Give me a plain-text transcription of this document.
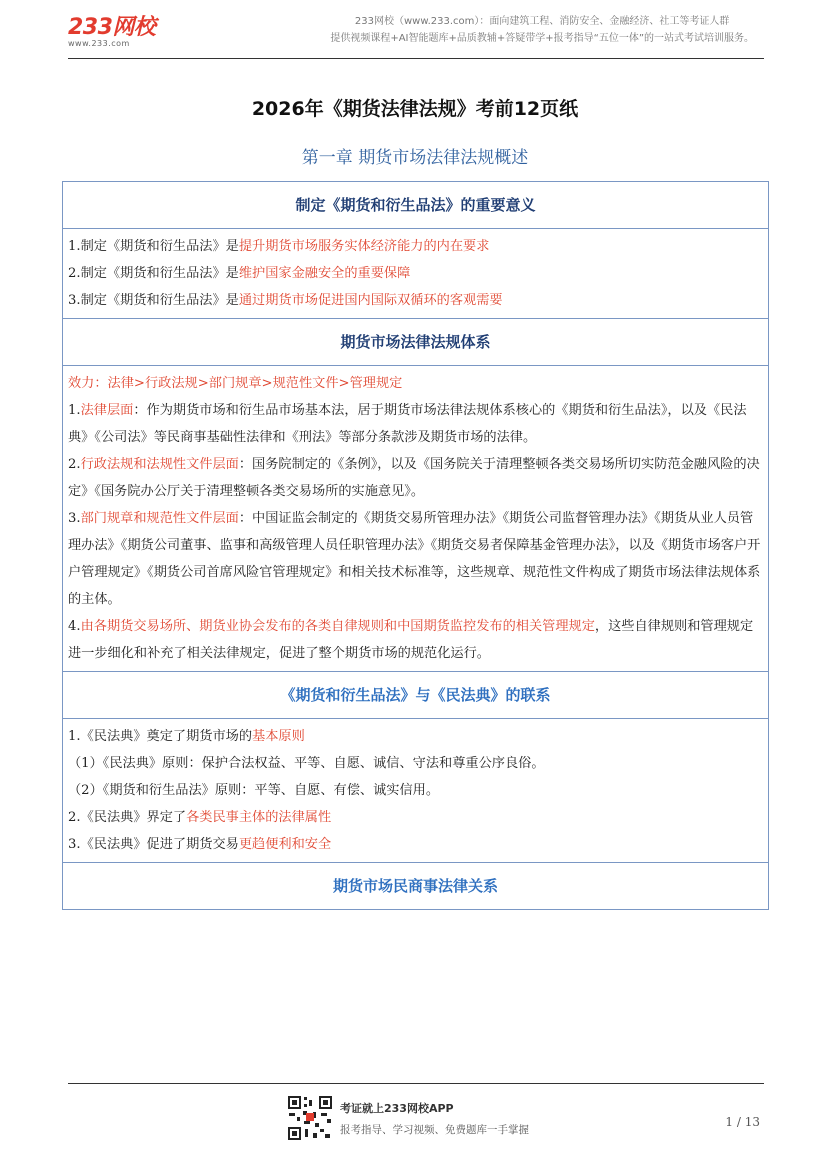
233网校
www.233.com
233网校（www.233.com）：面向建筑工程、消防安全、金融经济、社工等考证人群
提供视频课程+AI智能题库+品质教辅+答疑带学+报考指导“五位一体”的一站式考试培训服务。
2026年《期货法律法规》考前12页纸
第一章 期货市场法律法规概述
制定《期货和衍生品法》的重要意义
1.制定《期货和衍生品法》是提升期货市场服务实体经济能力的内在要求
2.制定《期货和衍生品法》是维护国家金融安全的重要保障
3.制定《期货和衍生品法》是通过期货市场促进国内国际双循环的客观需要
期货市场法律法规体系
效力：法律>行政法规>部门规章>规范性文件>管理规定
1.法律层面：作为期货市场和衍生品市场基本法，居于期货市场法律法规体系核心的《期货和衍生品法》，以及《民法典》《公司法》等民商事基础性法律和《刑法》等部分条款涉及期货市场的法律。
2.行政法规和法规性文件层面：国务院制定的《条例》，以及《国务院关于清理整顿各类交易场所切实防范金融风险的决定》《国务院办公厅关于清理整顿各类交易场所的实施意见》。
3.部门规章和规范性文件层面：中国证监会制定的《期货交易所管理办法》《期货公司监督管理办法》《期货从业人员管理办法》《期货公司董事、监事和高级管理人员任职管理办法》《期货交易者保障基金管理办法》，以及《期货市场客户开户管理规定》《期货公司首席风险官管理规定》和相关技术标准等，这些规章、规范性文件构成了期货市场法律法规体系的主体。
4.由各期货交易场所、期货业协会发布的各类自律规则和中国期货监控发布的相关管理规定，这些自律规则和管理规定进一步细化和补充了相关法律规定，促进了整个期货市场的规范化运行。
《期货和衍生品法》与《民法典》的联系
1.《民法典》奠定了期货市场的基本原则
（1）《民法典》原则：保护合法权益、平等、自愿、诚信、守法和尊重公序良俗。
（2）《期货和衍生品法》原则：平等、自愿、有偿、诚实信用。
2.《民法典》界定了各类民事主体的法律属性
3.《民法典》促进了期货交易更趋便利和安全
期货市场民商事法律关系
考证就上233网校APP
报考指导、学习视频、免费题库一手掌握
1 / 13
